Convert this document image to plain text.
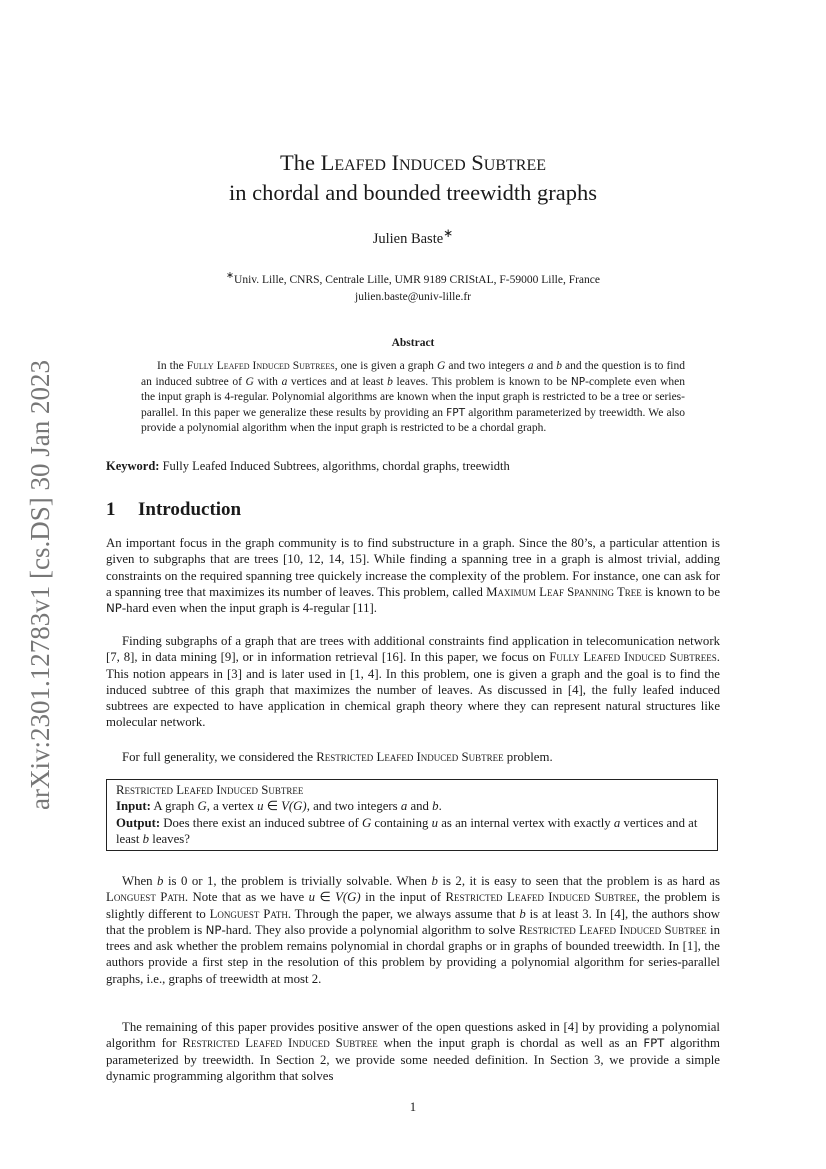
arXiv:2301.12783v1 [cs.DS] 30 Jan 2023
The Leafed Induced Subtree
in chordal and bounded treewidth graphs
Julien Baste∗
∗Univ. Lille, CNRS, Centrale Lille, UMR 9189 CRIStAL, F-59000 Lille, France
julien.baste@univ-lille.fr
Abstract
In the Fully Leafed Induced Subtrees, one is given a graph G and two integers a and b and the question is to find an induced subtree of G with a vertices and at least b leaves. This problem is known to be NP-complete even when the input graph is 4-regular. Polynomial algorithms are known when the input graph is restricted to be a tree or series-parallel. In this paper we generalize these results by providing an FPT algorithm parameterized by treewidth. We also provide a polynomial algorithm when the input graph is restricted to be a chordal graph.
Keyword: Fully Leafed Induced Subtrees, algorithms, chordal graphs, treewidth
1 Introduction

An important focus in the graph community is to find substructure in a graph. Since the 80’s, a particular attention is given to subgraphs that are trees [10, 12, 14, 15]. While finding a spanning tree in a graph is almost trivial, adding constraints on the required spanning tree quickely increase the complexity of the problem. For instance, one can ask for a spanning tree that maximizes its number of leaves. This problem, called Maximum Leaf Spanning Tree is known to be NP-hard even when the input graph is 4-regular [11].

Finding subgraphs of a graph that are trees with additional constraints find application in telecomunication network [7, 8], in data mining [9], or in information retrieval [16]. In this paper, we focus on Fully Leafed Induced Subtrees. This notion appears in [3] and is later used in [1, 4]. In this problem, one is given a graph and the goal is to find the induced subtree of this graph that maximizes the number of leaves. As discussed in [4], the fully leafed induced subtrees are expected to have application in chemical graph theory where they can represent natural structures like molecular network.

For full generality, we considered the Restricted Leafed Induced Subtree problem.

Restricted Leafed Induced Subtree
Input: A graph G, a vertex u ∈ V(G), and two integers a and b.
Output: Does there exist an induced subtree of G containing u as an internal vertex with exactly a vertices and at least b leaves?

When b is 0 or 1, the problem is trivially solvable. When b is 2, it is easy to seen that the problem is as hard as Longuest Path. Note that as we have u ∈ V(G) in the input of Restricted Leafed Induced Subtree, the problem is slightly different to Longuest Path. Through the paper, we always assume that b is at least 3. In [4], the authors show that the problem is NP-hard. They also provide a polynomial algorithm to solve Restricted Leafed Induced Subtree in trees and ask whether the problem remains polynomial in chordal graphs or in graphs of bounded treewidth. In [1], the authors provide a first step in the resolution of this problem by providing a polynomial algorithm for series-parallel graphs, i.e., graphs of treewidth at most 2.

The remaining of this paper provides positive answer of the open questions asked in [4] by providing a polynomial algorithm for Restricted Leafed Induced Subtree when the input graph is chordal as well as an FPT algorithm parameterized by treewidth. In Section 2, we provide some needed definition. In Section 3, we provide a simple dynamic programming algorithm that solves

1
